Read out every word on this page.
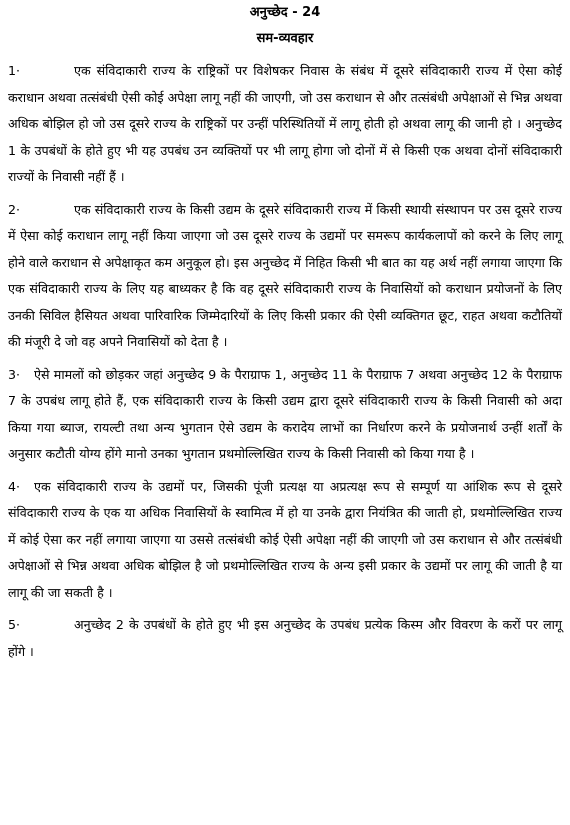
अनुच्छेद - 24

सम-व्यवहार

1·	एक संविदाकारी राज्य के राष्ट्रिकों पर विशेषकर निवास के संबंध में दूसरे संविदाकारी राज्य में ऐसा कोई कराधान अथवा तत्संबंधी ऐसी कोई अपेक्षा लागू नहीं की जाएगी, जो उस कराधान से और तत्संबंधी अपेक्षाओं से भिन्न अथवा अधिक बोझिल हो जो उस दूसरे राज्य के राष्ट्रिकों पर उन्हीं परिस्थितियों में लागू होती हो अथवा लागू की जानी हो । अनुच्छेद 1 के उपबंधों के होते हुए भी यह उपबंध उन व्यक्तियों पर भी लागू होगा जो दोनों में से किसी एक अथवा दोनों संविदाकारी राज्यों के निवासी नहीं हैं ।

2·	एक संविदाकारी राज्य के किसी उद्यम के दूसरे संविदाकारी राज्य में किसी स्थायी संस्थापन पर उस दूसरे राज्य में ऐसा कोई कराधान लागू नहीं किया जाएगा जो उस दूसरे राज्य के उद्यमों पर समरूप कार्यकलापों को करने के लिए लागू होने वाले कराधान से अपेक्षाकृत कम अनुकूल हो। इस अनुच्छेद में निहित किसी भी बात का यह अर्थ नहीं लगाया जाएगा कि एक संविदाकारी राज्य के लिए यह बाध्यकर है कि वह दूसरे संविदाकारी राज्य के निवासियों को कराधान प्रयोजनों के लिए उनकी सिविल हैसियत अथवा पारिवारिक जिम्मेदारियों के लिए किसी प्रकार की ऐसी व्यक्तिगत छूट, राहत अथवा कटौतियों की मंजूरी दे जो वह अपने निवासियों को देता है ।

3· ऐसे मामलों को छोड़कर जहां अनुच्छेद 9 के पैराग्राफ 1, अनुच्छेद 11 के पैराग्राफ 7 अथवा अनुच्छेद 12 के पैराग्राफ 7 के उपबंध लागू होते हैं, एक संविदाकारी राज्य के किसी उद्यम द्वारा दूसरे संविदाकारी राज्य के किसी निवासी को अदा किया गया ब्याज, रायल्टी तथा अन्य भुगतान ऐसे उद्यम के करादेय लाभों का निर्धारण करने के प्रयोजनार्थ उन्हीं शर्तों के अनुसार कटौती योग्य होंगे मानो उनका भुगतान प्रथमोल्लिखित राज्य के किसी निवासी को किया गया है ।

4· एक संविदाकारी राज्य के उद्यमों पर, जिसकी पूंजी प्रत्यक्ष या अप्रत्यक्ष रूप से सम्पूर्ण या आंशिक रूप से दूसरे संविदाकारी राज्य के एक या अधिक निवासियों के स्वामित्व में हो या उनके द्वारा नियंत्रित की जाती हो, प्रथमोल्लिखित राज्य में कोई ऐसा कर नहीं लगाया जाएगा या उससे तत्संबंधी कोई ऐसी अपेक्षा नहीं की जाएगी जो उस कराधान से और तत्संबंधी अपेक्षाओं से भिन्न अथवा अधिक बोझिल है जो प्रथमोल्लिखित राज्य के अन्य इसी प्रकार के उद्यमों पर लागू की जाती है या लागू की जा सकती है ।

5·	अनुच्छेद 2 के उपबंधों के होते हुए भी इस अनुच्छेद के उपबंध प्रत्येक किस्म और विवरण के करों पर लागू होंगे ।
